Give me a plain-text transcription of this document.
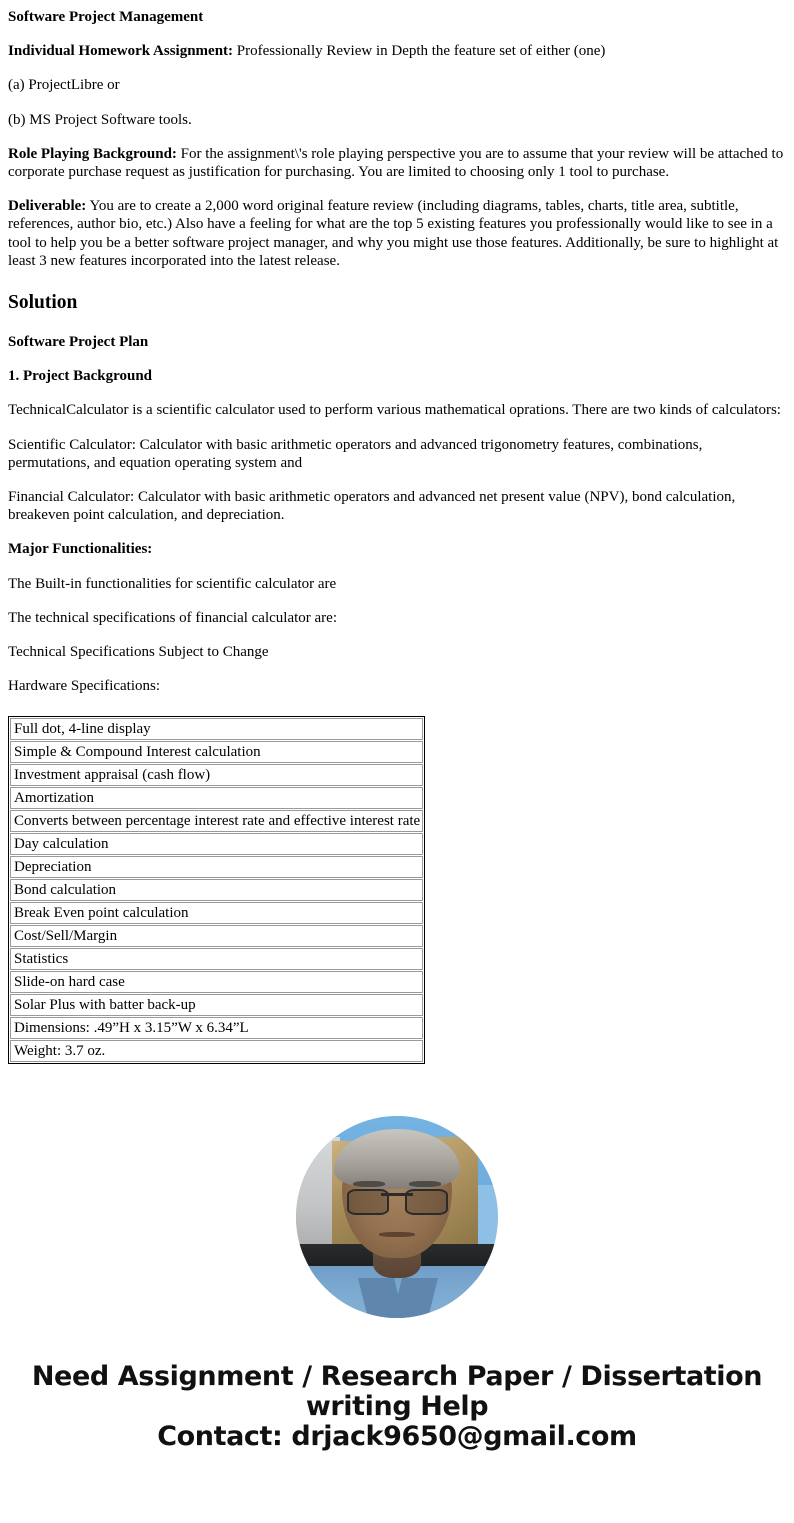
Software Project Management

Individual Homework Assignment: Professionally Review in Depth the feature set of either (one)

(a) ProjectLibre or

(b) MS Project Software tools.

Role Playing Background: For the assignment\'s role playing perspective you are to assume that your review will be attached to corporate purchase request as justification for purchasing. You are limited to choosing only 1 tool to purchase.

Deliverable: You are to create a 2,000 word original feature review (including diagrams, tables, charts, title area, subtitle, references, author bio, etc.) Also have a feeling for what are the top 5 existing features you professionally would like to see in a tool to help you be a better software project manager, and why you might use those features. Additionally, be sure to highlight at least 3 new features incorporated into the latest release.

Solution
Software Project Plan
1. Project Background

TechnicalCalculator is a scientific calculator used to perform various mathematical oprations. There are two kinds of calculators:

Scientific Calculator: Calculator with basic arithmetic operators and advanced trigonometry features, combinations, permutations, and equation operating system and

Financial Calculator: Calculator with basic arithmetic operators and advanced net present value (NPV), bond calculation, breakeven point calculation, and depreciation.

Major Functionalities:

The Built-in functionalities for scientific calculator are

The technical specifications of financial calculator are:

Technical Specifications Subject to Change

Hardware Specifications:

Full dot, 4-line display
Simple & Compound Interest calculation
Investment appraisal (cash flow)
Amortization
Converts between percentage interest rate and effective interest rate
Day calculation
Depreciation
Bond calculation
Break Even point calculation
Cost/Sell/Margin
Statistics
Slide-on hard case
Solar Plus with batter back-up
Dimensions: .49”H x 3.15”W x 6.34”L
Weight: 3.7 oz.
Need Assignment / Research Paper / Dissertation
writing Help
Contact: drjack9650@gmail.com
